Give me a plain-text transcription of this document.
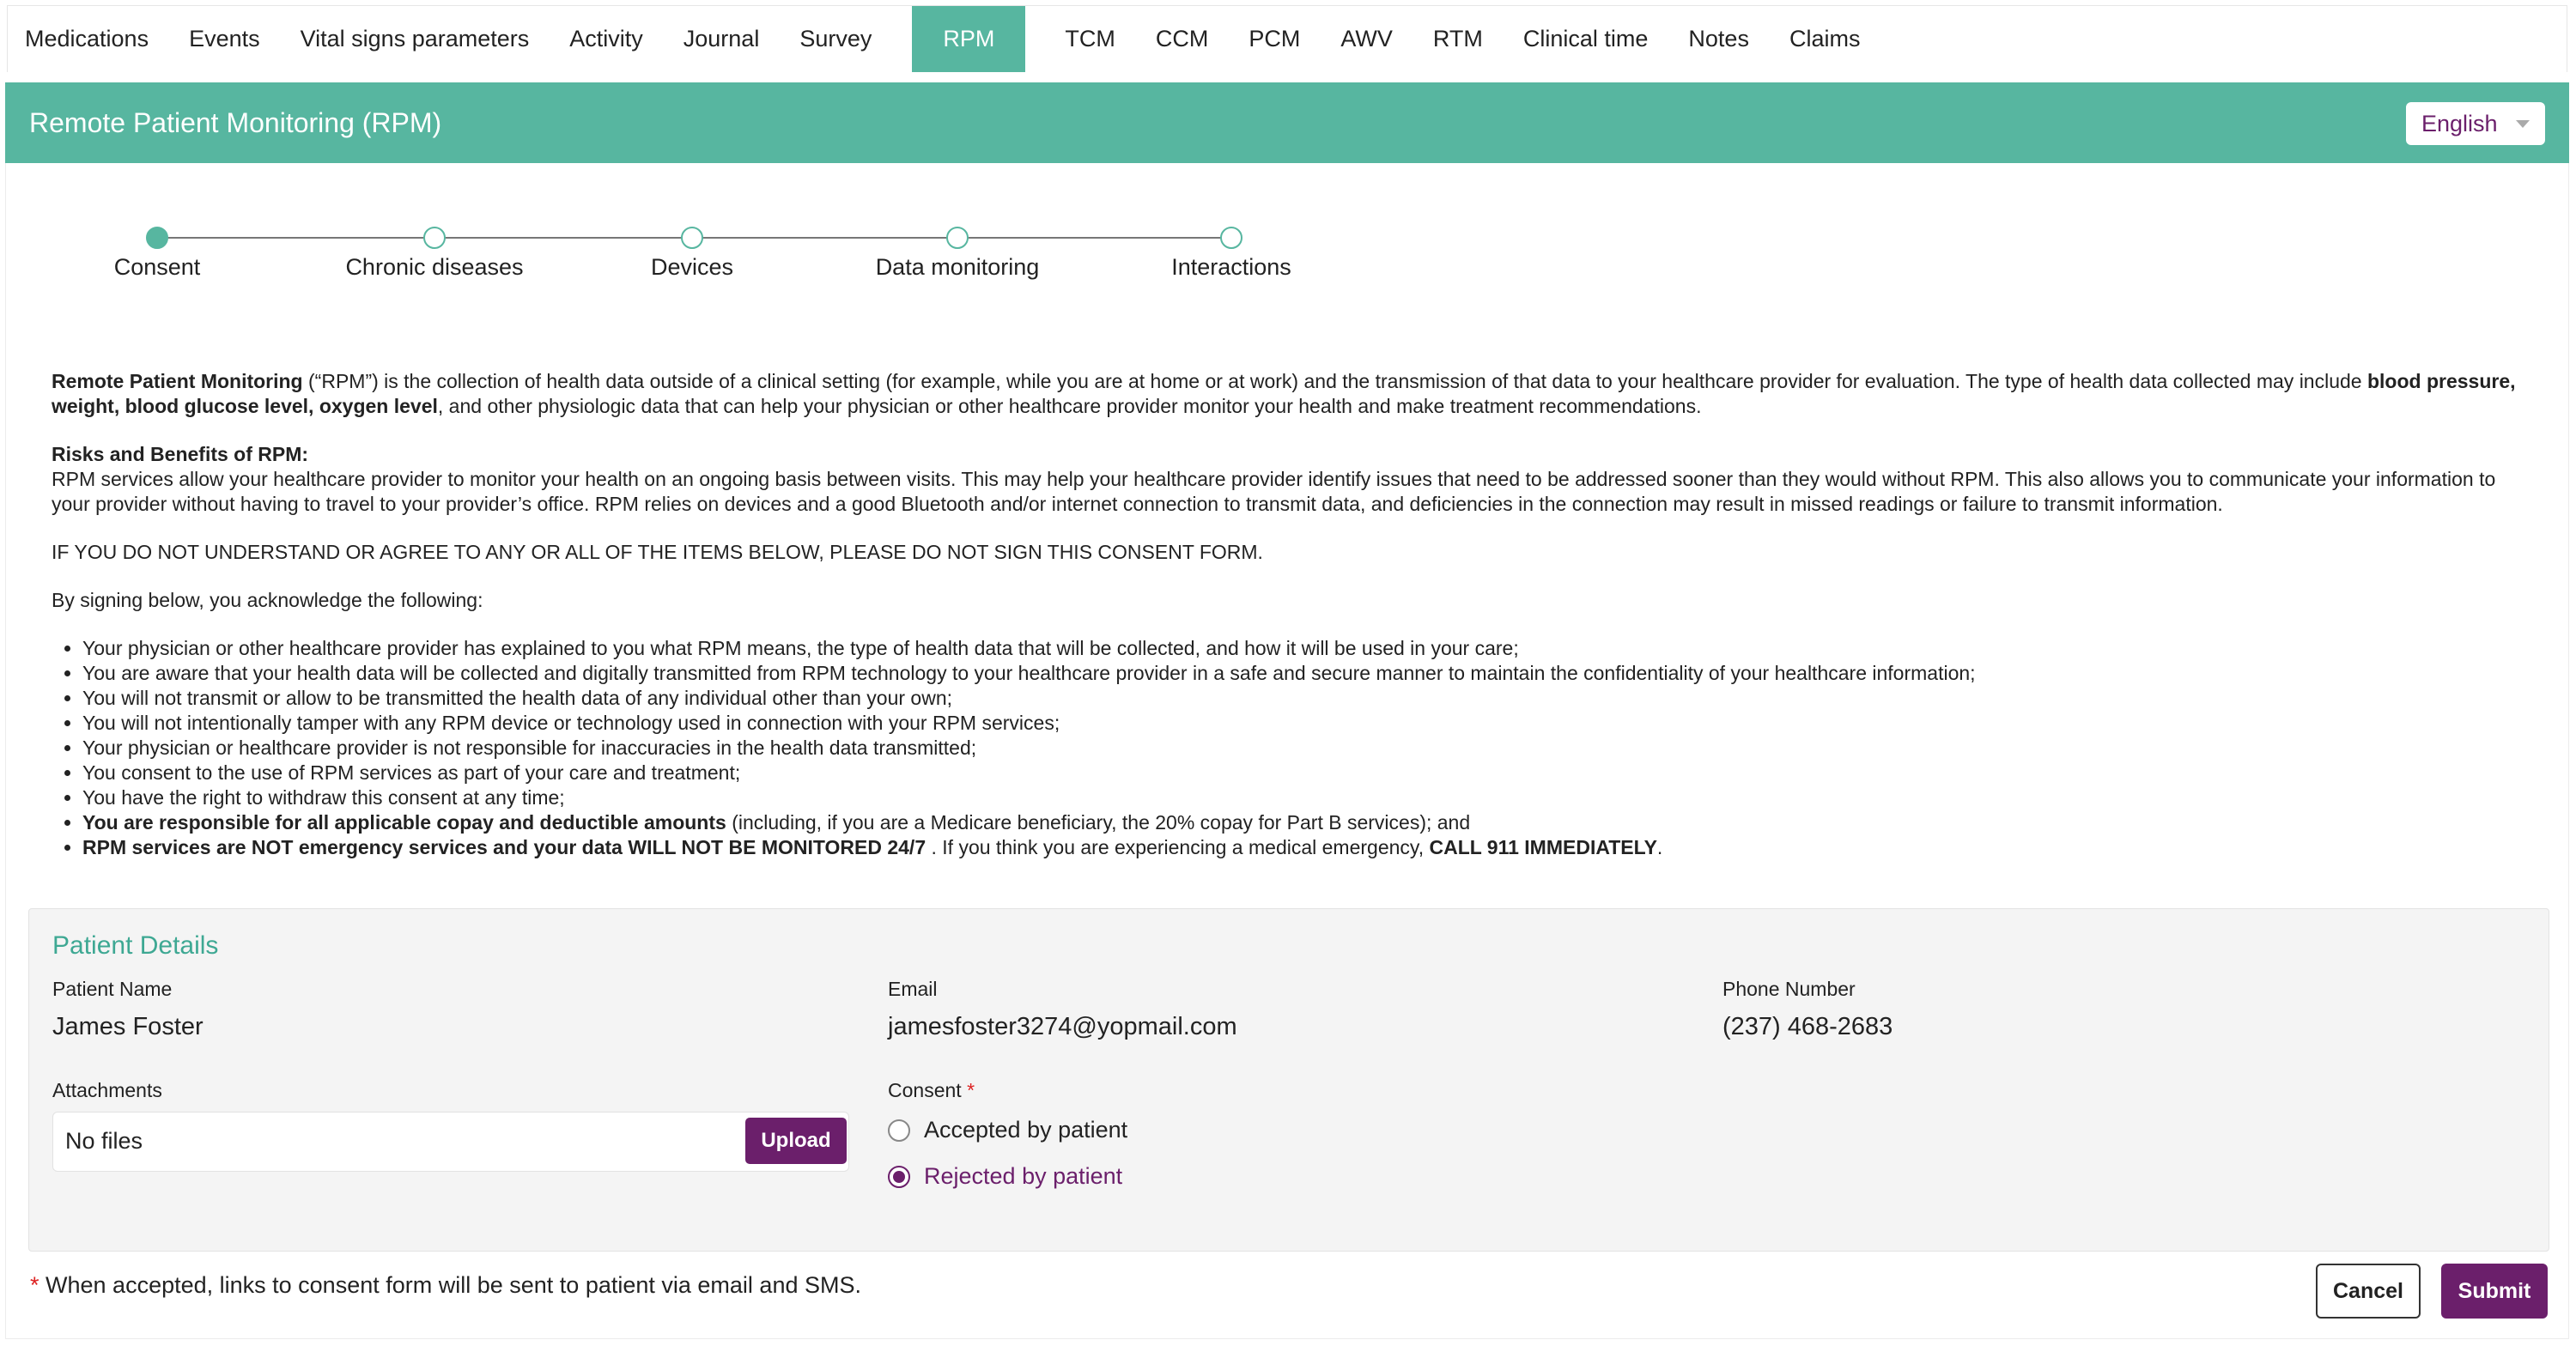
Medications Events Vital signs parameters Activity Journal Survey	RPM	TCM CCM PCM AWV RTM Clinical time Notes Claims
Remote Patient Monitoring (RPM)	English
Consent	Chronic diseases	Devices	Data monitoring	Interactions

Remote Patient Monitoring (“RPM”) is the collection of health data outside of a clinical setting (for example, while you are at home or at work) and the transmission of that data to your healthcare provider for evaluation. The type of health data collected may include blood pressure, weight, blood glucose level, oxygen level, and other physiologic data that can help your physician or other healthcare provider monitor your health and make treatment recommendations.

Risks and Benefits of RPM:
RPM services allow your healthcare provider to monitor your health on an ongoing basis between visits. This may help your healthcare provider identify issues that need to be addressed sooner than they would without RPM. This also allows you to communicate your information to your provider without having to travel to your provider’s office. RPM relies on devices and a good Bluetooth and/or internet connection to transmit data, and deficiencies in the connection may result in missed readings or failure to transmit information.

IF YOU DO NOT UNDERSTAND OR AGREE TO ANY OR ALL OF THE ITEMS BELOW, PLEASE DO NOT SIGN THIS CONSENT FORM.

By signing below, you acknowledge the following:

• Your physician or other healthcare provider has explained to you what RPM means, the type of health data that will be collected, and how it will be used in your care;
• You are aware that your health data will be collected and digitally transmitted from RPM technology to your healthcare provider in a safe and secure manner to maintain the confidentiality of your healthcare information;
• You will not transmit or allow to be transmitted the health data of any individual other than your own;
• You will not intentionally tamper with any RPM device or technology used in connection with your RPM services;
• Your physician or healthcare provider is not responsible for inaccuracies in the health data transmitted;
• You consent to the use of RPM services as part of your care and treatment;
• You have the right to withdraw this consent at any time;
• You are responsible for all applicable copay and deductible amounts (including, if you are a Medicare beneficiary, the 20% copay for Part B services); and
• RPM services are NOT emergency services and your data WILL NOT BE MONITORED 24/7 . If you think you are experiencing a medical emergency, CALL 911 IMMEDIATELY.
Patient Details
Patient Name
James Foster
Email
jamesfoster3274@yopmail.com
Phone Number
(237) 468-2683
Attachments
No files	Upload
Consent *
Accepted by patient
Rejected by patient
* When accepted, links to consent form will be sent to patient via email and SMS.	Cancel	Submit
